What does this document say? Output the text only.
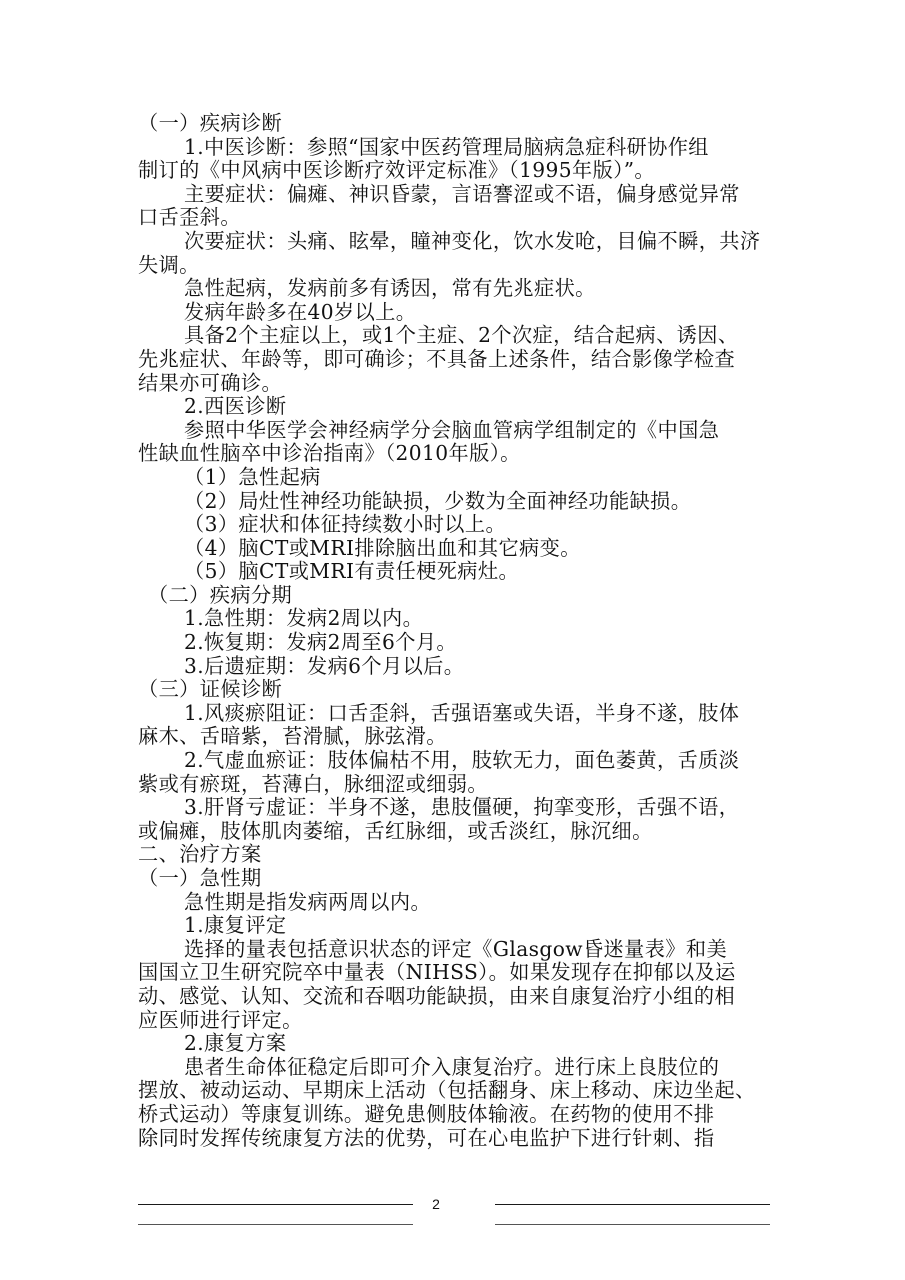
（一）疾病诊断

1.中医诊断：参照“国家中医药管理局脑病急症科研协作组

制订的《中风病中医诊断疗效评定标准》（1995年版）”。

主要症状：偏瘫、神识昏蒙，言语謇涩或不语，偏身感觉异常

口舌歪斜。

次要症状：头痛、眩晕，瞳神变化，饮水发呛，目偏不瞬，共济

失调。

急性起病，发病前多有诱因，常有先兆症状。

发病年龄多在40岁以上。

具备2个主症以上，或1个主症、2个次症，结合起病、诱因、

先兆症状、年龄等，即可确诊；不具备上述条件，结合影像学检查

结果亦可确诊。

2.西医诊断

参照中华医学会神经病学分会脑血管病学组制定的《中国急

性缺血性脑卒中诊治指南》（2010年版）。

（1）急性起病

（2）局灶性神经功能缺损，少数为全面神经功能缺损。

（3）症状和体征持续数小时以上。

（4）脑CT或MRI排除脑出血和其它病变。

（5）脑CT或MRI有责任梗死病灶。

（二）疾病分期

1.急性期：发病2周以内。

2.恢复期：发病2周至6个月。

3.后遗症期：发病6个月以后。

（三）证候诊断

1.风痰瘀阻证：口舌歪斜，舌强语塞或失语，半身不遂，肢体

麻木、舌暗紫，苔滑腻，脉弦滑。

2.气虚血瘀证：肢体偏枯不用，肢软无力，面色萎黄，舌质淡

紫或有瘀斑，苔薄白，脉细涩或细弱。

3.肝肾亏虚证：半身不遂，患肢僵硬，拘挛变形，舌强不语，

或偏瘫，肢体肌肉萎缩，舌红脉细，或舌淡红，脉沉细。

二、治疗方案

（一）急性期

急性期是指发病两周以内。

1.康复评定

选择的量表包括意识状态的评定《Glasgow昏迷量表》和美

国国立卫生研究院卒中量表（NIHSS）。如果发现存在抑郁以及运

动、感觉、认知、交流和吞咽功能缺损，由来自康复治疗小组的相

应医师进行评定。

2.康复方案

患者生命体征稳定后即可介入康复治疗。进行床上良肢位的

摆放、被动运动、早期床上活动（包括翻身、床上移动、床边坐起、

桥式运动）等康复训练。避免患侧肢体输液。在药物的使用不排

除同时发挥传统康复方法的优势，可在心电监护下进行针刺、指

2
